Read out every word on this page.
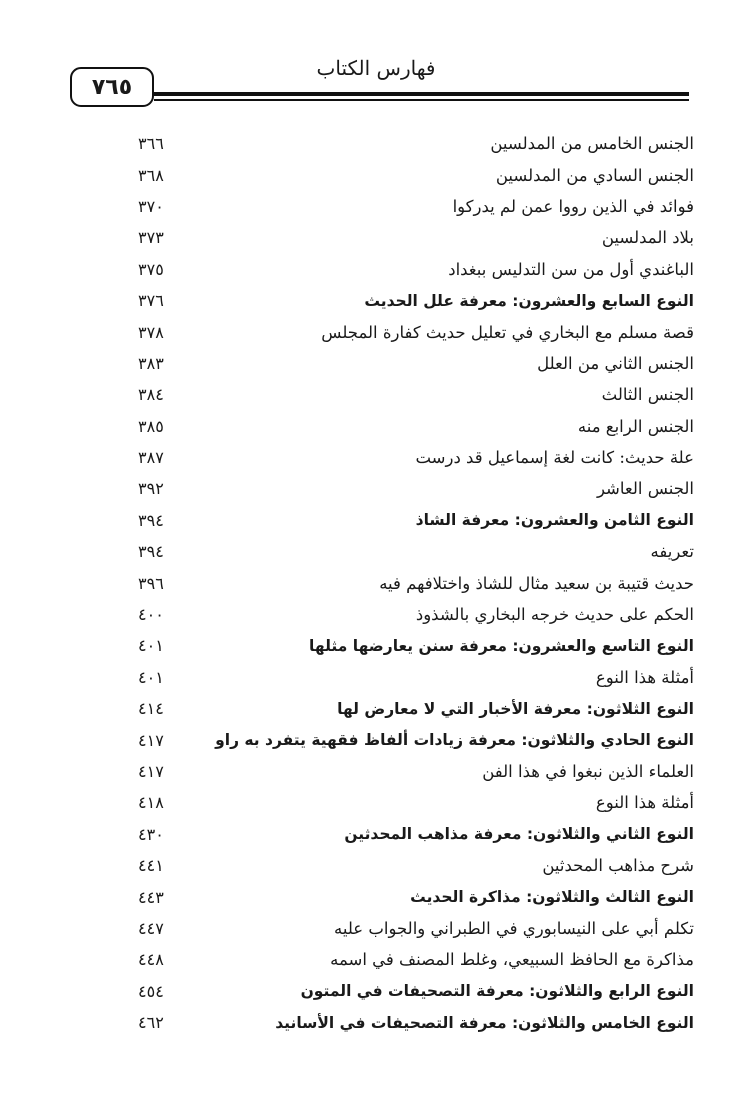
فهارس الكتاب
٧٦٥
الجنس الخامس من المدلسين
٣٦٦
الجنس السادي من المدلسين
٣٦٨
فوائد في الذين رووا عمن لم يدركوا
٣٧٠
بلاد المدلسين
٣٧٣
الباغندي أول من سن التدليس ببغداد
٣٧٥
النوع السابع والعشرون: معرفة علل الحديث
٣٧٦
قصة مسلم مع البخاري في تعليل حديث كفارة المجلس
٣٧٨
الجنس الثاني من العلل
٣٨٣
الجنس الثالث
٣٨٤
الجنس الرابع منه
٣٨٥
علة حديث: كانت لغة إسماعيل قد درست
٣٨٧
الجنس العاشر
٣٩٢
النوع الثامن والعشرون: معرفة الشاذ
٣٩٤
تعريفه
٣٩٤
حديث قتيبة بن سعيد مثال للشاذ واختلافهم فيه
٣٩٦
الحكم على حديث خرجه البخاري بالشذوذ
٤٠٠
النوع التاسع والعشرون: معرفة سنن يعارضها مثلها
٤٠١
أمثلة هذا النوع
٤٠١
النوع الثلاثون: معرفة الأخبار التي لا معارض لها
٤١٤
النوع الحادي والثلاثون: معرفة زيادات ألفاظ فقهية يتفرد به راو
٤١٧
العلماء الذين نبغوا في هذا الفن
٤١٧
أمثلة هذا النوع
٤١٨
النوع الثاني والثلاثون: معرفة مذاهب المحدثين
٤٣٠
شرح مذاهب المحدثين
٤٤١
النوع الثالث والثلاثون: مذاكرة الحديث
٤٤٣
تكلم أبي على النيسابوري في الطبراني والجواب عليه
٤٤٧
مذاكرة مع الحافظ السبيعي، وغلط المصنف في اسمه
٤٤٨
النوع الرابع والثلاثون: معرفة التصحيفات في المتون
٤٥٤
النوع الخامس والثلاثون: معرفة التصحيفات في الأسانيد
٤٦٢
